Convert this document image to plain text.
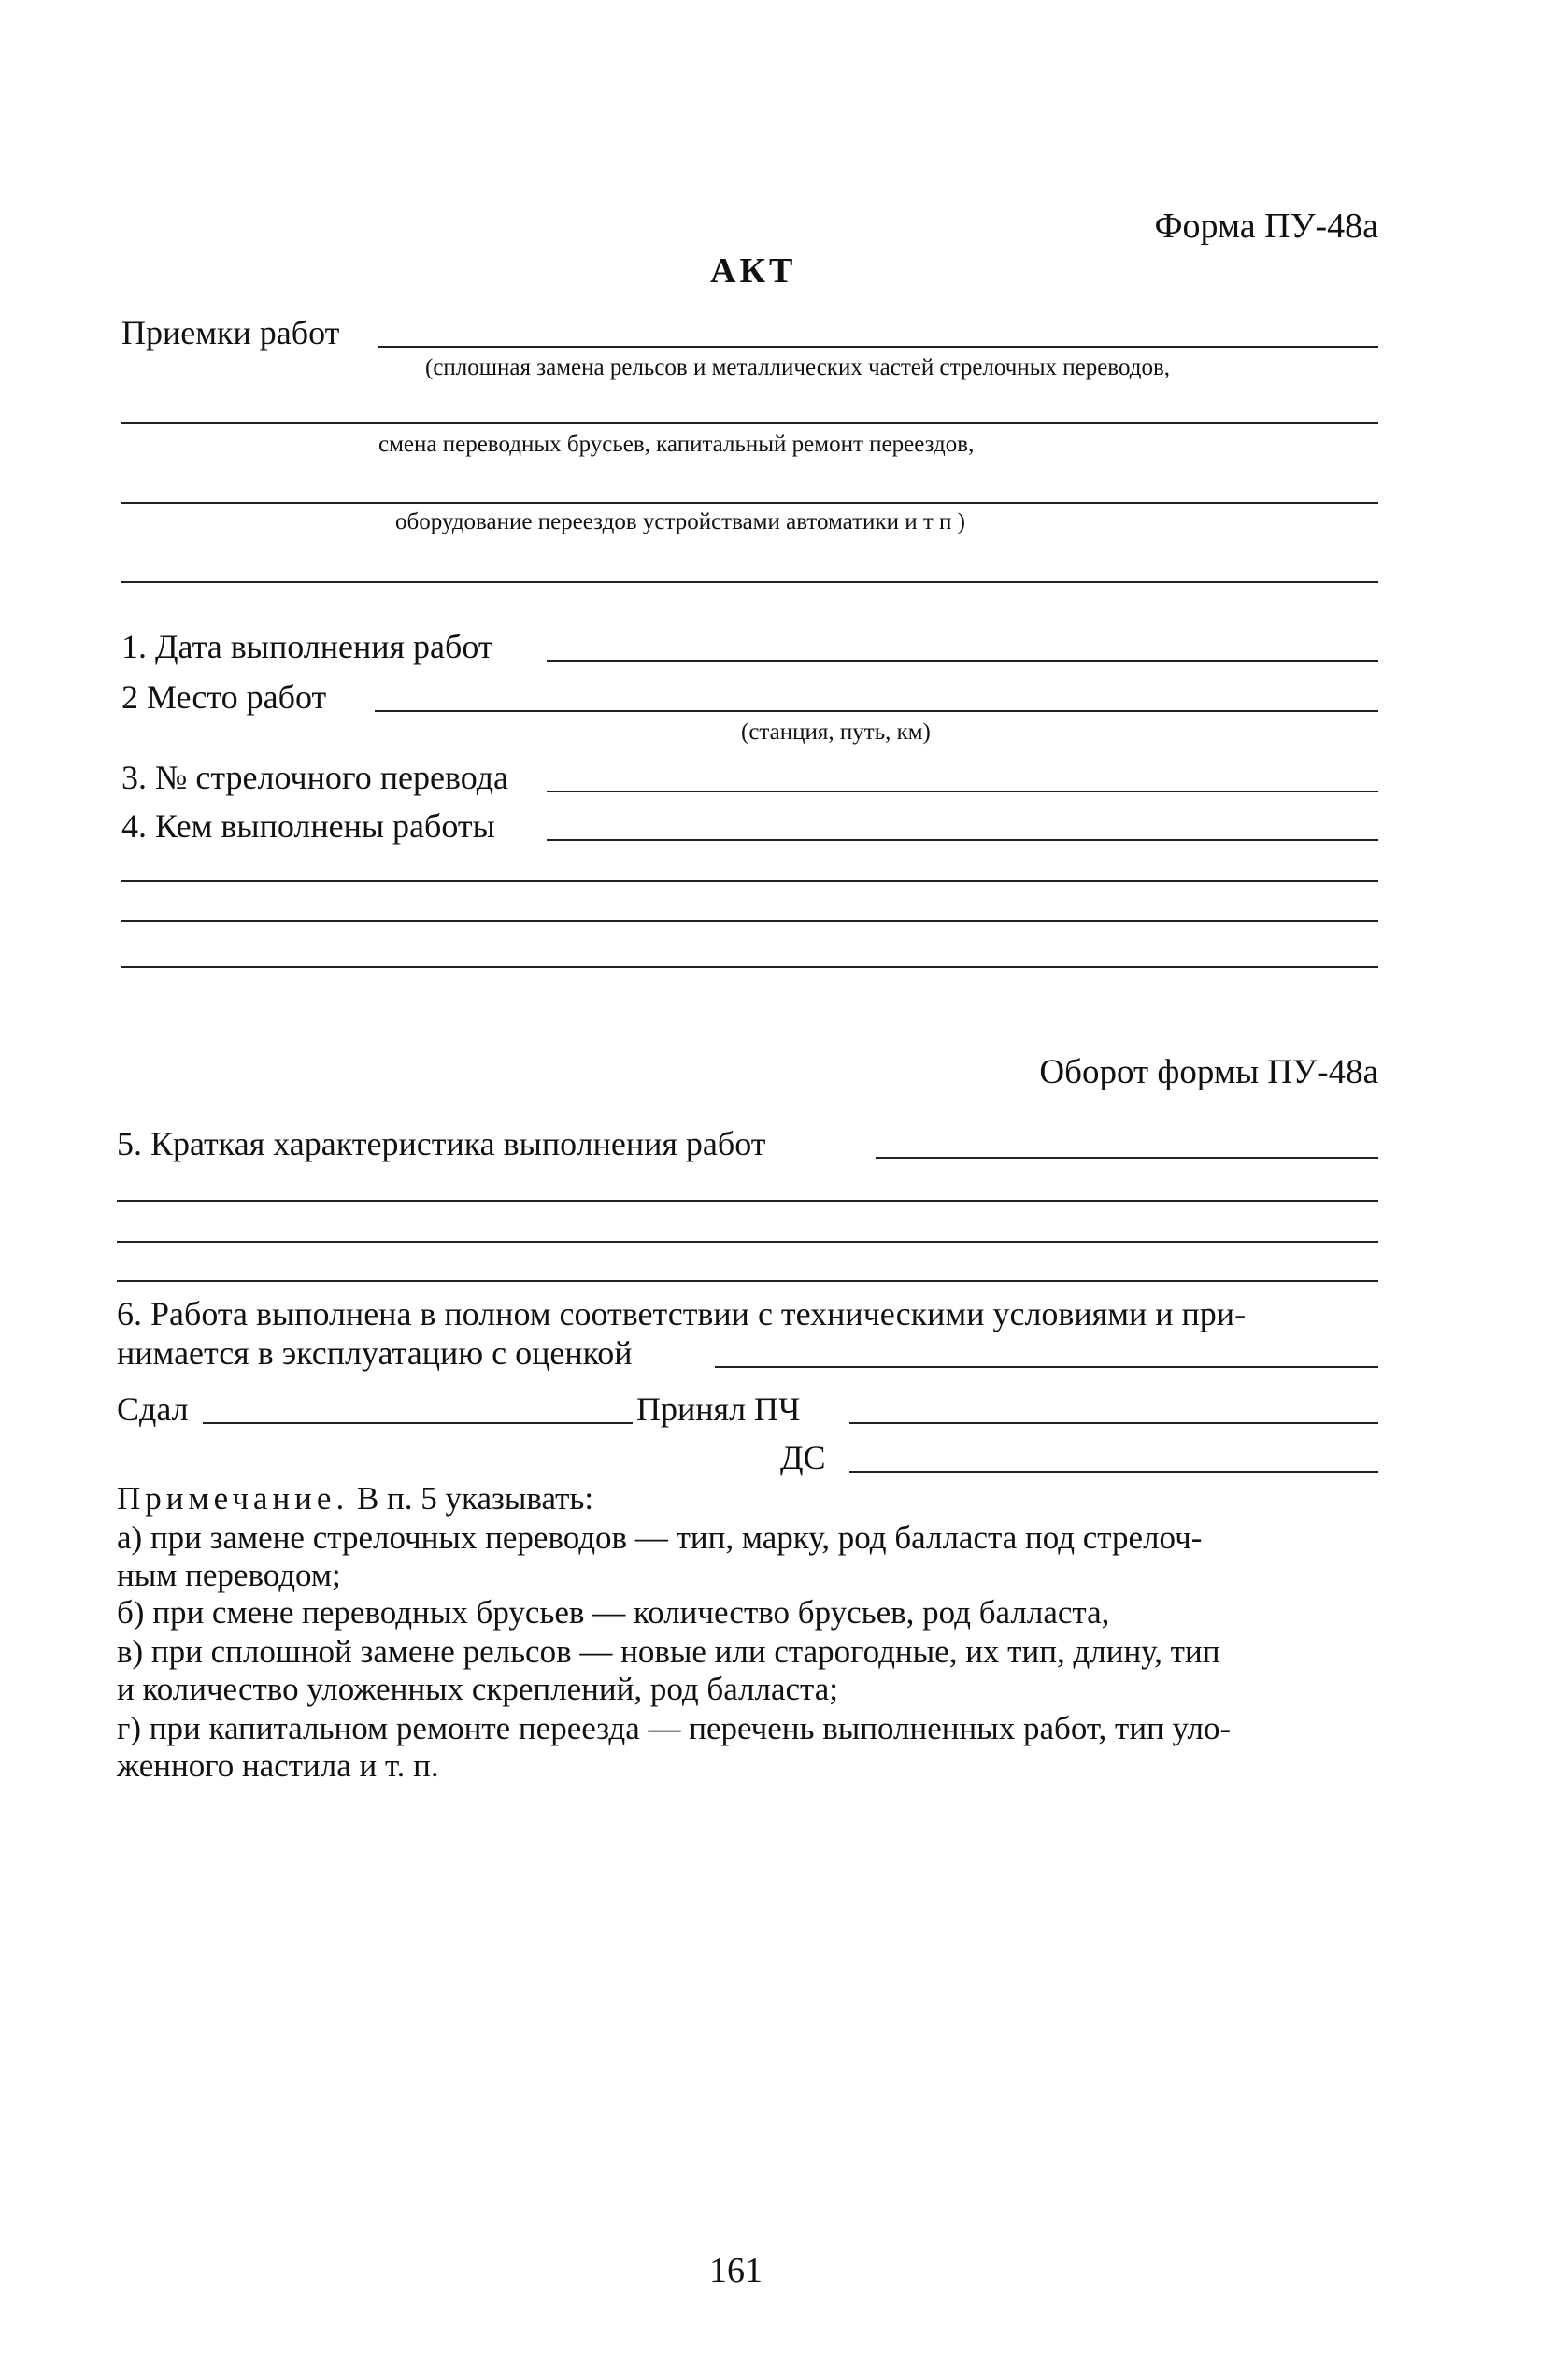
Форма ПУ-48а
АКТ
Приемки работ
(сплошная замена рельсов и металлических частей стрелочных переводов,
смена переводных брусьев, капитальный ремонт переездов,
оборудование переездов устройствами автоматики и т п )
1. Дата выполнения работ
2 Место работ
(станция, путь, км)
3. № стрелочного перевода
4. Кем выполнены работы
Оборот формы ПУ-48а
5. Краткая характеристика выполнения работ
6. Работа выполнена в полном соответствии с техническими условиями и при-
нимается в эксплуатацию с оценкой
Сдал	Принял ПЧ
ДС
Примечание. В п. 5 указывать:
а) при замене стрелочных переводов — тип, марку, род балласта под стрелоч-
ным переводом;
б) при смене переводных брусьев — количество брусьев, род балласта,
в) при сплошной замене рельсов — новые или старогодные, их тип, длину, тип
и количество уложенных скреплений, род балласта;
г) при капитальном ремонте переезда — перечень выполненных работ, тип уло-
женного настила и т. п.
161
